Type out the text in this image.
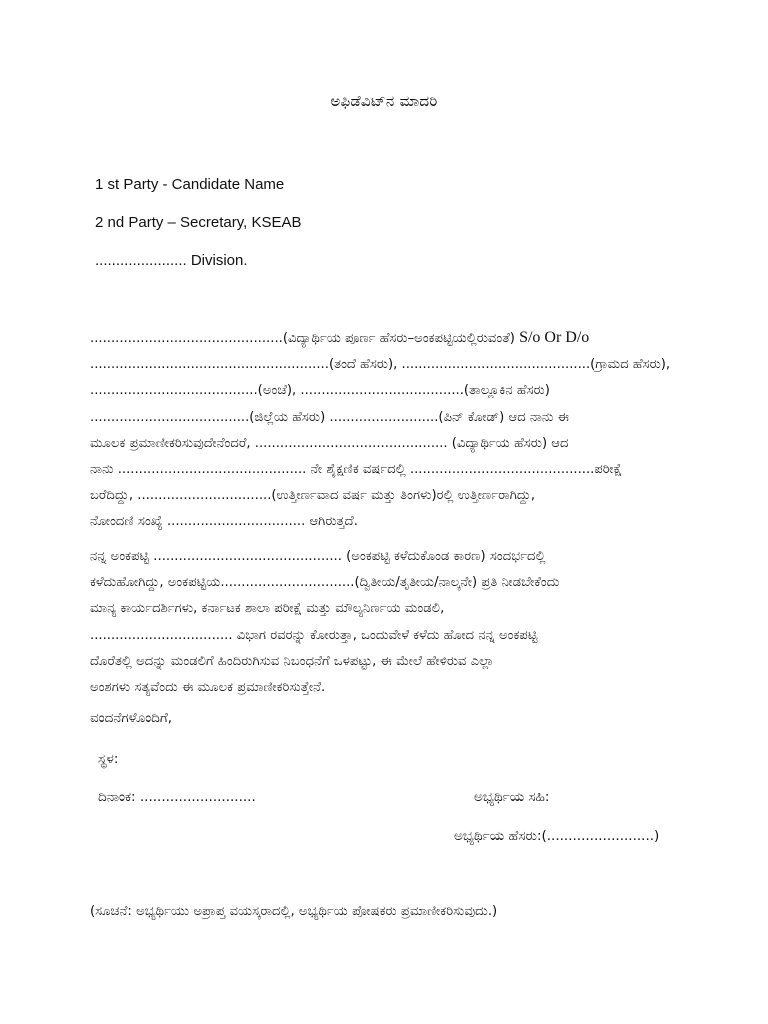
ಅಫಿಡೆವಿಟ್‌ನ ಮಾದರಿ
1 st Party - Candidate Name
2 nd Party – Secretary, KSEAB
...................... Division.
..............................................(ವಿದ್ಯಾರ್ಥಿಯ ಪೂರ್ಣ ಹೆಸರು–ಅಂಕಪಟ್ಟಿಯಲ್ಲಿರುವಂತೆ) S/o Or D/o
.........................................................(ತಂದೆ ಹೆಸರು), .............................................(ಗ್ರಾಮದ ಹೆಸರು),
........................................(ಅಂಚೆ), .......................................(ತಾಲ್ಲೂಕಿನ ಹೆಸರು)
......................................(ಜಿಲ್ಲೆಯ ಹೆಸರು) ..........................(ಪಿನ್ ಕೋಡ್) ಆದ ನಾನು ಈ
ಮೂಲಕ ಪ್ರಮಾಣೀಕರಿಸುವುದೇನೆಂದರೆ, .............................................. (ವಿದ್ಯಾರ್ಥಿಯ ಹೆಸರು) ಆದ
ನಾನು ............................................. ನೇ ಶೈಕ್ಷಣಿಕ ವರ್ಷದಲ್ಲಿ ............................................ಪರೀಕ್ಷೆ
ಬರೆದಿದ್ದು, ................................(ಉತ್ತೀರ್ಣವಾದ ವರ್ಷ ಮತ್ತು ತಿಂಗಳು)ರಲ್ಲಿ ಉತ್ತೀರ್ಣರಾಗಿದ್ದು,
ನೋಂದಣಿ ಸಂಖ್ಯೆ ................................. ಆಗಿರುತ್ತದೆ.
ನನ್ನ ಅಂಕಪಟ್ಟಿ ............................................. (ಅಂಕಪಟ್ಟಿ ಕಳೆದುಕೊಂಡ ಕಾರಣ) ಸಂದರ್ಭದಲ್ಲಿ
ಕಳೆದುಹೋಗಿದ್ದು, ಅಂಕಪಟ್ಟಿಯ................................(ದ್ವಿತೀಯ/ತೃತೀಯ/ನಾಲ್ಕನೇ) ಪ್ರತಿ ನೀಡಬೇಕೆಂದು
ಮಾನ್ಯ ಕಾರ್ಯದರ್ಶಿಗಳು, ಕರ್ನಾಟಕ ಶಾಲಾ ಪರೀಕ್ಷೆ ಮತ್ತು ಮೌಲ್ಯನಿರ್ಣಯ ಮಂಡಲಿ,
.................................. ವಿಭಾಗ ರವರನ್ನು ಕೋರುತ್ತಾ, ಒಂದುವೇಳೆ ಕಳೆದು ಹೋದ ನನ್ನ ಅಂಕಪಟ್ಟಿ
ದೊರೆತಲ್ಲಿ ಅದನ್ನು ಮಂಡಲಿಗೆ ಹಿಂದಿರುಗಿಸುವ ನಿಬಂಧನೆಗೆ ಒಳಪಟ್ಟು, ಈ ಮೇಲೆ ಹೇಳಿರುವ ಎಲ್ಲಾ
ಅಂಶಗಳು ಸತ್ಯವೆಂದು ಈ ಮೂಲಕ ಪ್ರಮಾಣೀಕರಿಸುತ್ತೇನೆ.
ವಂದನೆಗಳೊಂದಿಗೆ,
ಸ್ಥಳ:
ದಿನಾಂಕ: ...........................	ಅಭ್ಯರ್ಥಿಯ ಸಹಿ:
ಅಭ್ಯರ್ಥಿಯ ಹೆಸರು:(.........................)
(ಸೂಚನೆ: ಅಭ್ಯರ್ಥಿಯು ಅಪ್ರಾಪ್ತ ವಯಸ್ಕರಾದಲ್ಲಿ, ಅಭ್ಯರ್ಥಿಯ ಪೋಷಕರು ಪ್ರಮಾಣೀಕರಿಸುವುದು.)
